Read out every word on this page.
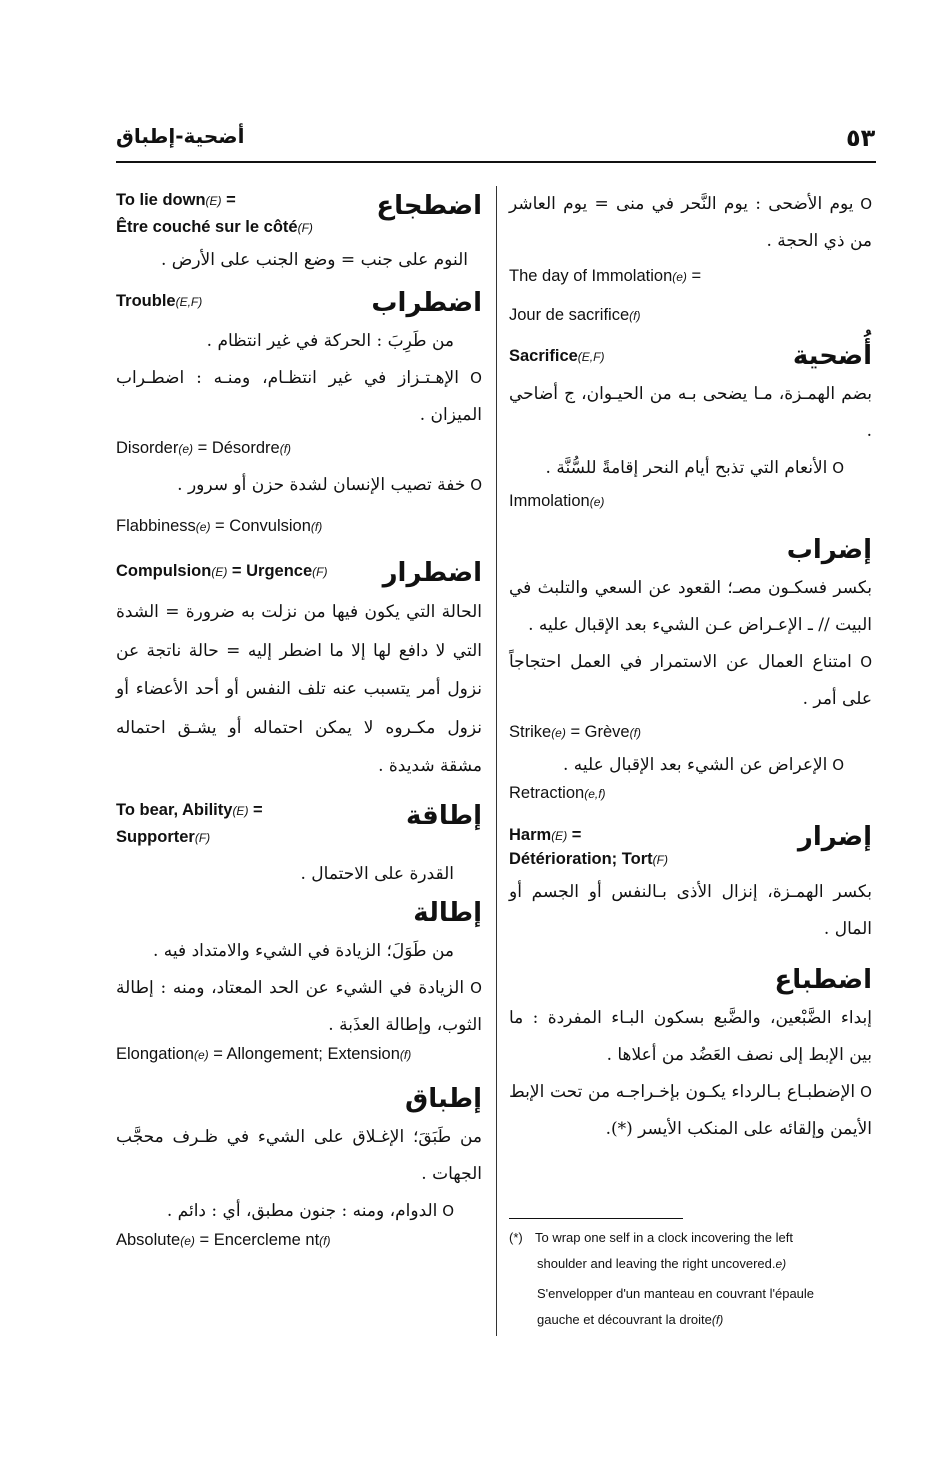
٥٣
أضحية-إطباق
O يوم الأضحى : يوم النَّحر في منى = يوم العاشر من ذي الحجة .
The day of Immolation(e) =
Jour de sacrifice(f)
أُضحية
Sacrifice(E,F)
بضم الهمـزة، مـا يضحى بـه من الحيـوان، ج أضاحي .
O الأنعام التي تذبح أيام النحر إقامةً للسُّنَّة .
Immolation(e)
إضراب
بكسر فسكـون مصـ؛ القعود عن السعي والتلبث في البيت // ـ الإعـراض عـن الشيء بعد الإقبال عليه .
O امتناع العمال عن الاستمرار في العمل احتجاجاً على أمر .
Strike(e) = Grève(f)
O الإعراض عن الشيء بعد الإقبال عليه .
Retraction(e,f)
إضرار
Harm(E) =
Détérioration; Tort(F)
بكسر الهمـزة، إنزال الأذى بـالنفس أو الجسم أو المال .
اضطباع
إبداء الضَّبْعين، والضَّبع بسكون البـاء المفردة : ما بين الإبط إلى نصف العَضُد من أعلاها .
O الإضطبـاع بـالرداء يكـون بإخـراجـه من تحت الإبط الأيمن وإلقائه على المنكب الأيسر (*).
(*) To wrap one self in a clock incovering the left
shoulder and leaving the right uncovered.e)
S'envelopper d'un manteau en couvrant l'épaule
gauche et découvrant la droite(f)
اضطجاع
To lie down(E) =
Être couché sur le côté(F)
النوم على جنب = وضع الجنب على الأرض .
اضطراب
Trouble(E,F)
من طَرِبَ : الحركة في غير انتظام .
O الإهـتـزاز في غير انتظـام، ومنـه : اضطـراب الميزان .
Disorder(e) = Désordre(f)
O خفة تصيب الإنسان لشدة حزن أو سرور .
Flabbiness(e) = Convulsion(f)
اضطرار
Compulsion(E) = Urgence(F)
الحالة التي يكون فيها من نزلت به ضرورة = الشدة التي لا دافع لها إلا ما اضطر إليه = حالة ناتجة عن نزول أمر يتسبب عنه تلف النفس أو أحد الأعضاء أو نزول مكـروه لا يمكن احتماله أو يشـق احتماله مشقة شديدة .
إطاقة
To bear, Ability(E) =
Supporter(F)
القدرة على الاحتمال .
إطالة
من طَوَلَ؛ الزيادة في الشيء والامتداد فيه .
O الزيادة في الشيء عن الحد المعتاد، ومنه : إطالة الثوب، وإطالة العذَبة .
Elongation(e) = Allongement; Extension(f)
إطباق
من طَبَقَ؛ الإغـلاق على الشيء في ظـرف محجَّب الجهات .
O الدوام، ومنه : جنون مطبق، أي : دائم .
Absolute(e) = Encercleme nt(f)
